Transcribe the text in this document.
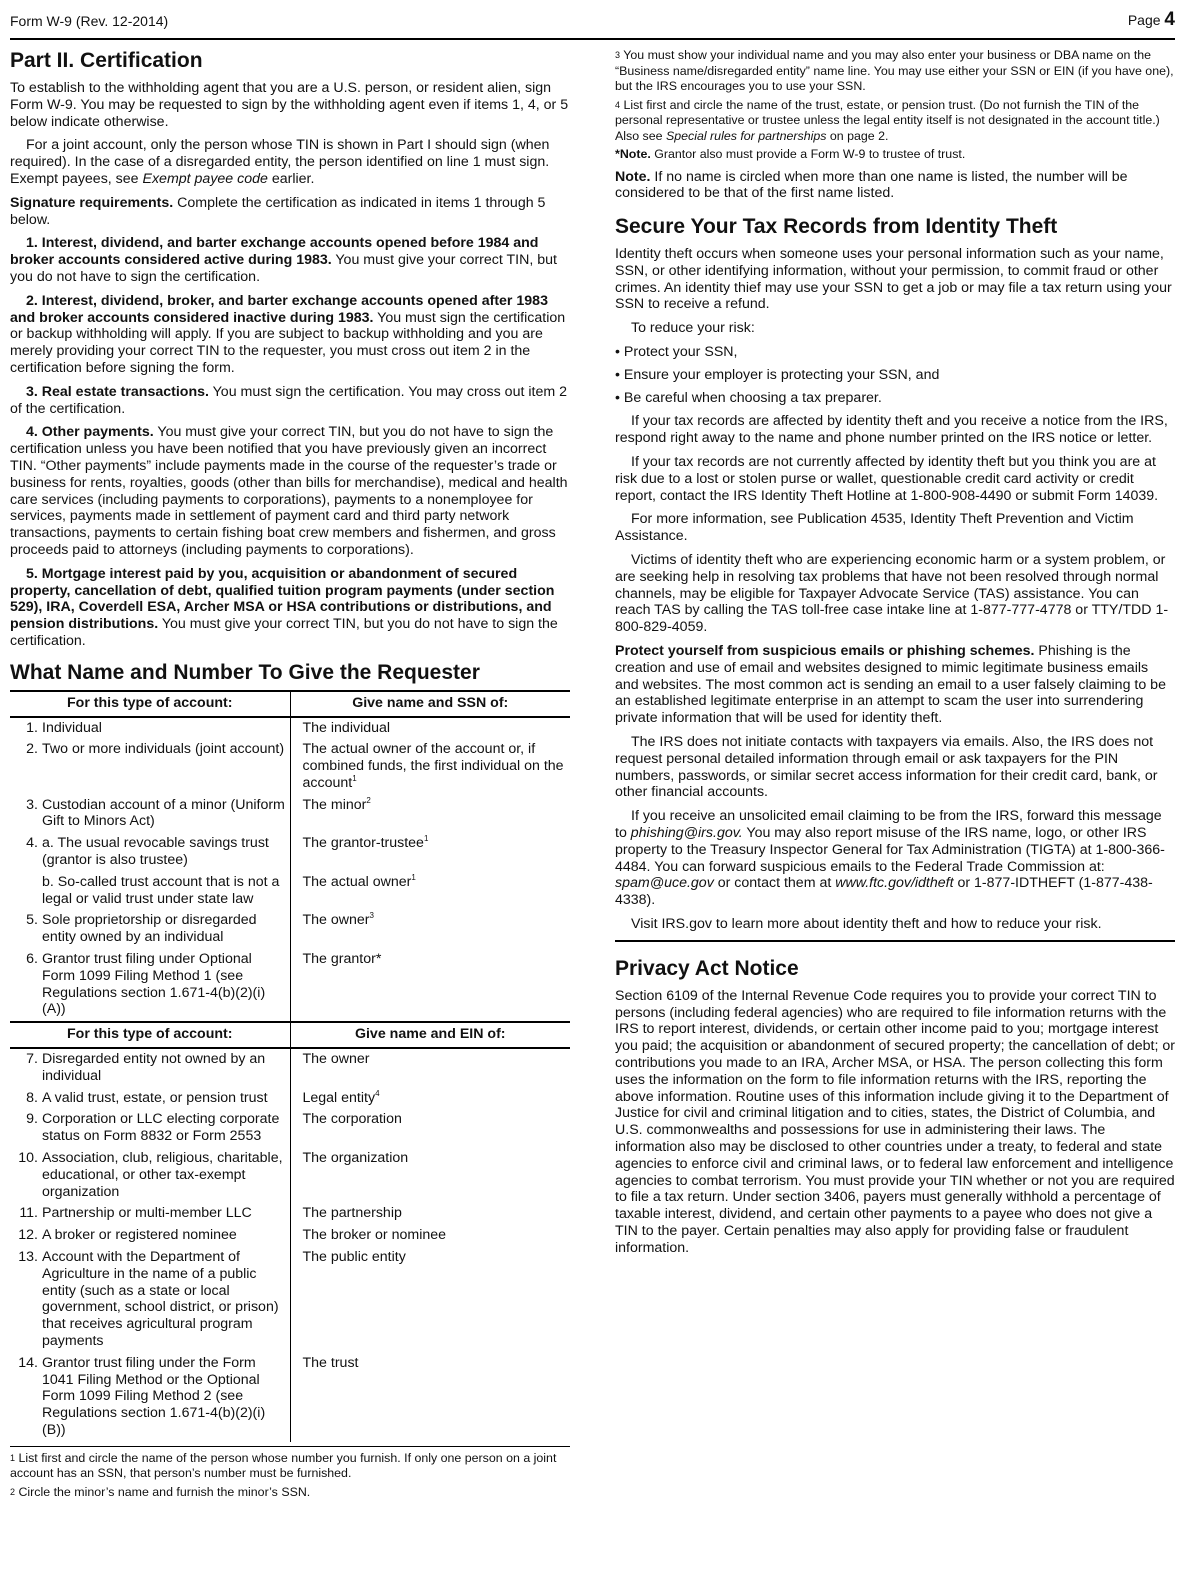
Form W-9 (Rev. 12-2014)	Page 4
Part II. Certification

To establish to the withholding agent that you are a U.S. person, or resident alien, sign Form W-9. You may be requested to sign by the withholding agent even if items 1, 4, or 5 below indicate otherwise.

For a joint account, only the person whose TIN is shown in Part I should sign (when required). In the case of a disregarded entity, the person identified on line 1 must sign. Exempt payees, see Exempt payee code earlier.

Signature requirements. Complete the certification as indicated in items 1 through 5 below.

1. Interest, dividend, and barter exchange accounts opened before 1984 and broker accounts considered active during 1983. You must give your correct TIN, but you do not have to sign the certification.

2. Interest, dividend, broker, and barter exchange accounts opened after 1983 and broker accounts considered inactive during 1983. You must sign the certification or backup withholding will apply. If you are subject to backup withholding and you are merely providing your correct TIN to the requester, you must cross out item 2 in the certification before signing the form.

3. Real estate transactions. You must sign the certification. You may cross out item 2 of the certification.

4. Other payments. You must give your correct TIN, but you do not have to sign the certification unless you have been notified that you have previously given an incorrect TIN. “Other payments” include payments made in the course of the requester’s trade or business for rents, royalties, goods (other than bills for merchandise), medical and health care services (including payments to corporations), payments to a nonemployee for services, payments made in settlement of payment card and third party network transactions, payments to certain fishing boat crew members and fishermen, and gross proceeds paid to attorneys (including payments to corporations).

5. Mortgage interest paid by you, acquisition or abandonment of secured property, cancellation of debt, qualified tuition program payments (under section 529), IRA, Coverdell ESA, Archer MSA or HSA contributions or distributions, and pension distributions. You must give your correct TIN, but you do not have to sign the certification.

What Name and Number To Give the Requester
For this type of account:	Give name and SSN of:

1. Individual	The individual

2. Two or more individuals (joint account)	The actual owner of the account or, if combined funds, the first individual on the account$^1$

3. Custodian account of a minor (Uniform Gift to Minors Act)	The minor$^2$

4. a. The usual revocable savings trust (grantor is also trustee)	The grantor-trustee$^1$

b. So-called trust account that is not a legal or valid trust under state law	The actual owner$^1$

5. Sole proprietorship or disregarded entity owned by an individual	The owner$^3$

6. Grantor trust filing under Optional Form 1099 Filing Method 1 (see Regulations section 1.671-4(b)(2)(i)(A))	The grantor*
For this type of account:	Give name and EIN of:

7. Disregarded entity not owned by an individual	The owner

8. A valid trust, estate, or pension trust	Legal entity$^4$

9. Corporation or LLC electing corporate status on Form 8832 or Form 2553	The corporation

10. Association, club, religious, charitable, educational, or other tax-exempt organization	The organization

11. Partnership or multi-member LLC	The partnership

12. A broker or registered nominee	The broker or nominee

13. Account with the Department of Agriculture in the name of a public entity (such as a state or local government, school district, or prison) that receives agricultural program payments	The public entity

14. Grantor trust filing under the Form 1041 Filing Method or the Optional Form 1099 Filing Method 2 (see Regulations section 1.671-4(b)(2)(i)(B))	The trust
$^1$ List first and circle the name of the person whose number you furnish. If only one person on a joint account has an SSN, that person’s number must be furnished.
$^2$ Circle the minor’s name and furnish the minor’s SSN.
$^3$ You must show your individual name and you may also enter your business or DBA name on the “Business name/disregarded entity” name line. You may use either your SSN or EIN (if you have one), but the IRS encourages you to use your SSN.
$^4$ List first and circle the name of the trust, estate, or pension trust. (Do not furnish the TIN of the personal representative or trustee unless the legal entity itself is not designated in the account title.) Also see Special rules for partnerships on page 2.
*Note. Grantor also must provide a Form W-9 to trustee of trust.

Note. If no name is circled when more than one name is listed, the number will be considered to be that of the first name listed.

Secure Your Tax Records from Identity Theft

Identity theft occurs when someone uses your personal information such as your name, SSN, or other identifying information, without your permission, to commit fraud or other crimes. An identity thief may use your SSN to get a job or may file a tax return using your SSN to receive a refund.

To reduce your risk:

• Protect your SSN,
• Ensure your employer is protecting your SSN, and
• Be careful when choosing a tax preparer.

If your tax records are affected by identity theft and you receive a notice from the IRS, respond right away to the name and phone number printed on the IRS notice or letter.

If your tax records are not currently affected by identity theft but you think you are at risk due to a lost or stolen purse or wallet, questionable credit card activity or credit report, contact the IRS Identity Theft Hotline at 1-800-908-4490 or submit Form 14039.

For more information, see Publication 4535, Identity Theft Prevention and Victim Assistance.

Victims of identity theft who are experiencing economic harm or a system problem, or are seeking help in resolving tax problems that have not been resolved through normal channels, may be eligible for Taxpayer Advocate Service (TAS) assistance. You can reach TAS by calling the TAS toll-free case intake line at 1-877-777-4778 or TTY/TDD 1-800-829-4059.

Protect yourself from suspicious emails or phishing schemes. Phishing is the creation and use of email and websites designed to mimic legitimate business emails and websites. The most common act is sending an email to a user falsely claiming to be an established legitimate enterprise in an attempt to scam the user into surrendering private information that will be used for identity theft.

The IRS does not initiate contacts with taxpayers via emails. Also, the IRS does not request personal detailed information through email or ask taxpayers for the PIN numbers, passwords, or similar secret access information for their credit card, bank, or other financial accounts.

If you receive an unsolicited email claiming to be from the IRS, forward this message to phishing@irs.gov. You may also report misuse of the IRS name, logo, or other IRS property to the Treasury Inspector General for Tax Administration (TIGTA) at 1-800-366-4484. You can forward suspicious emails to the Federal Trade Commission at: spam@uce.gov or contact them at www.ftc.gov/idtheft or 1-877-IDTHEFT (1-877-438-4338).

Visit IRS.gov to learn more about identity theft and how to reduce your risk.

Privacy Act Notice

Section 6109 of the Internal Revenue Code requires you to provide your correct TIN to persons (including federal agencies) who are required to file information returns with the IRS to report interest, dividends, or certain other income paid to you; mortgage interest you paid; the acquisition or abandonment of secured property; the cancellation of debt; or contributions you made to an IRA, Archer MSA, or HSA. The person collecting this form uses the information on the form to file information returns with the IRS, reporting the above information. Routine uses of this information include giving it to the Department of Justice for civil and criminal litigation and to cities, states, the District of Columbia, and U.S. commonwealths and possessions for use in administering their laws. The information also may be disclosed to other countries under a treaty, to federal and state agencies to enforce civil and criminal laws, or to federal law enforcement and intelligence agencies to combat terrorism. You must provide your TIN whether or not you are required to file a tax return. Under section 3406, payers must generally withhold a percentage of taxable interest, dividend, and certain other payments to a payee who does not give a TIN to the payer. Certain penalties may also apply for providing false or fraudulent information.
